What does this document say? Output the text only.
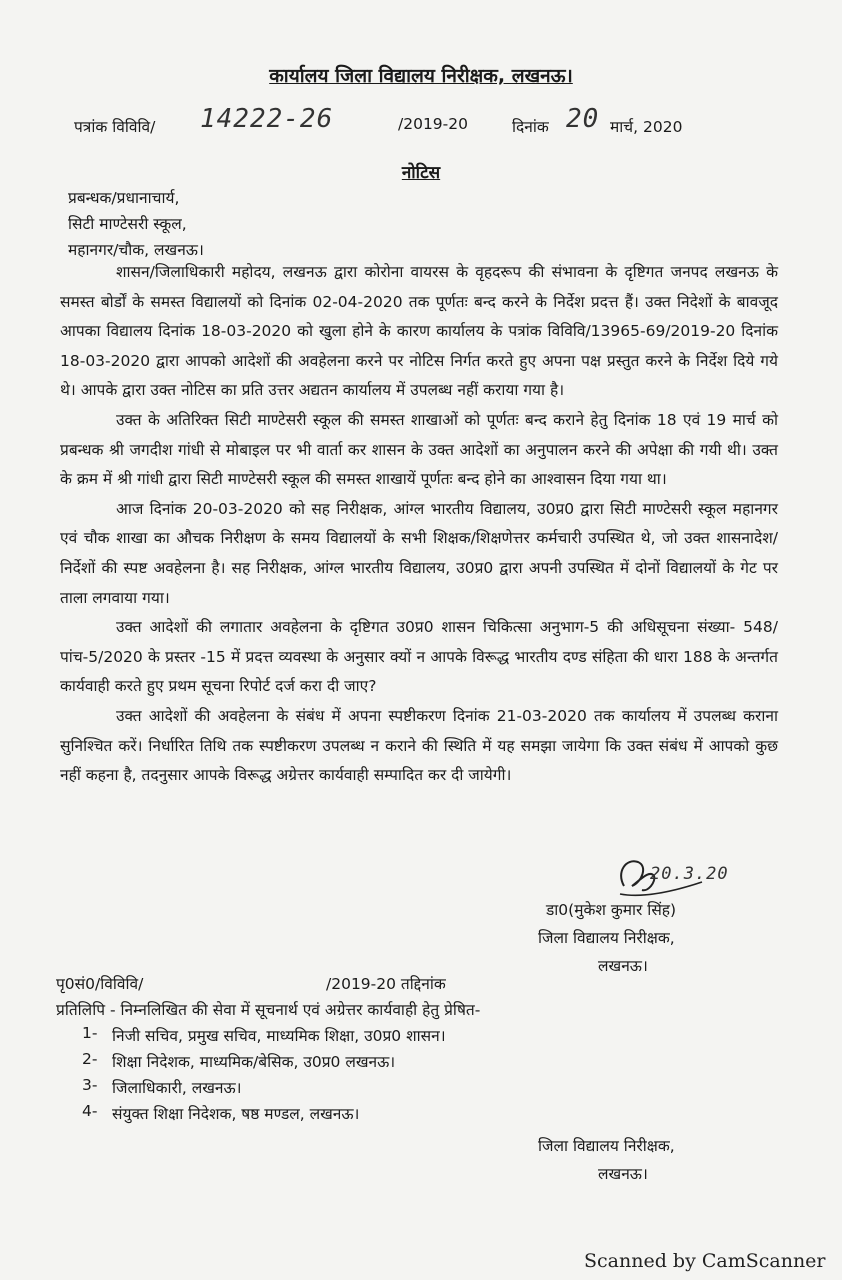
कार्यालय जिला विद्यालय निरीक्षक, लखनऊ।
पत्रांक विविवि/ 14222-26	/2019-20	दिनांक 20 मार्च, 2020
नोटिस
प्रबन्धक/प्रधानाचार्य,
सिटी माण्टेसरी स्कूल,
महानगर/चौक, लखनऊ।

शासन/जिलाधिकारी महोदय, लखनऊ द्वारा कोरोना वायरस के वृहदरूप की संभावना के दृष्टिगत जनपद लखनऊ के समस्त बोर्डों के समस्त विद्यालयों को दिनांक 02-04-2020 तक पूर्णतः बन्द करने के निर्देश प्रदत्त हैं। उक्त निदेशों के बावजूद आपका विद्यालय दिनांक 18-03-2020 को खुला होने के कारण कार्यालय के पत्रांक विविवि/13965-69/2019-20 दिनांक 18-03-2020 द्वारा आपको आदेशों की अवहेलना करने पर नोटिस निर्गत करते हुए अपना पक्ष प्रस्तुत करने के निर्देश दिये गये थे। आपके द्वारा उक्त नोटिस का प्रति उत्तर अद्यतन कार्यालय में उपलब्ध नहीं कराया गया है।

उक्त के अतिरिक्त सिटी माण्टेसरी स्कूल की समस्त शाखाओं को पूर्णतः बन्द कराने हेतु दिनांक 18 एवं 19 मार्च को प्रबन्धक श्री जगदीश गांधी से मोबाइल पर भी वार्ता कर शासन के उक्त आदेशों का अनुपालन करने की अपेक्षा की गयी थी। उक्त के क्रम में श्री गांधी द्वारा सिटी माण्टेसरी स्कूल की समस्त शाखायें पूर्णतः बन्द होने का आश्वासन दिया गया था।

आज दिनांक 20-03-2020 को सह निरीक्षक, आंग्ल भारतीय विद्यालय, उ0प्र0 द्वारा सिटी माण्टेसरी स्कूल महानगर एवं चौक शाखा का औचक निरीक्षण के समय विद्यालयों के सभी शिक्षक/शिक्षणेत्तर कर्मचारी उपस्थित थे, जो उक्त शासनादेश/ निर्देशों की स्पष्ट अवहेलना है। सह निरीक्षक, आंग्ल भारतीय विद्यालय, उ0प्र0 द्वारा अपनी उपस्थित में दोनों विद्यालयों के गेट पर ताला लगवाया गया।

उक्त आदेशों की लगातार अवहेलना के दृष्टिगत उ0प्र0 शासन चिकित्सा अनुभाग-5 की अधिसूचना संख्या- 548/पांच-5/2020 के प्रस्तर -15 में प्रदत्त व्यवस्था के अनुसार क्यों न आपके विरूद्ध भारतीय दण्ड संहिता की धारा 188 के अन्तर्गत कार्यवाही करते हुए प्रथम सूचना रिपोर्ट दर्ज करा दी जाए?

उक्त आदेशों की अवहेलना के संबंध में अपना स्पष्टीकरण दिनांक 21-03-2020 तक कार्यालय में उपलब्ध कराना सुनिश्चित करें। निर्धारित तिथि तक स्पष्टीकरण उपलब्ध न कराने की स्थिति में यह समझा जायेगा कि उक्त संबंध में आपको कुछ नहीं कहना है, तदनुसार आपके विरूद्ध अग्रेत्तर कार्यवाही सम्पादित कर दी जायेगी।

20.3.20
डा0(मुकेश कुमार सिंह)
जिला विद्यालय निरीक्षक,
लखनऊ।
पृ0सं0/विविवि/	/2019-20 तद्दिनांक
प्रतिलिपि - निम्नलिखित की सेवा में सूचनार्थ एवं अग्रेत्तर कार्यवाही हेतु प्रेषित-
1- निजी सचिव, प्रमुख सचिव, माध्यमिक शिक्षा, उ0प्र0 शासन।
2- शिक्षा निदेशक, माध्यमिक/बेसिक, उ0प्र0 लखनऊ।
3- जिलाधिकारी, लखनऊ।
4- संयुक्त शिक्षा निदेशक, षष्ठ मण्डल, लखनऊ।
जिला विद्यालय निरीक्षक,
लखनऊ।
Scanned by CamScanner
